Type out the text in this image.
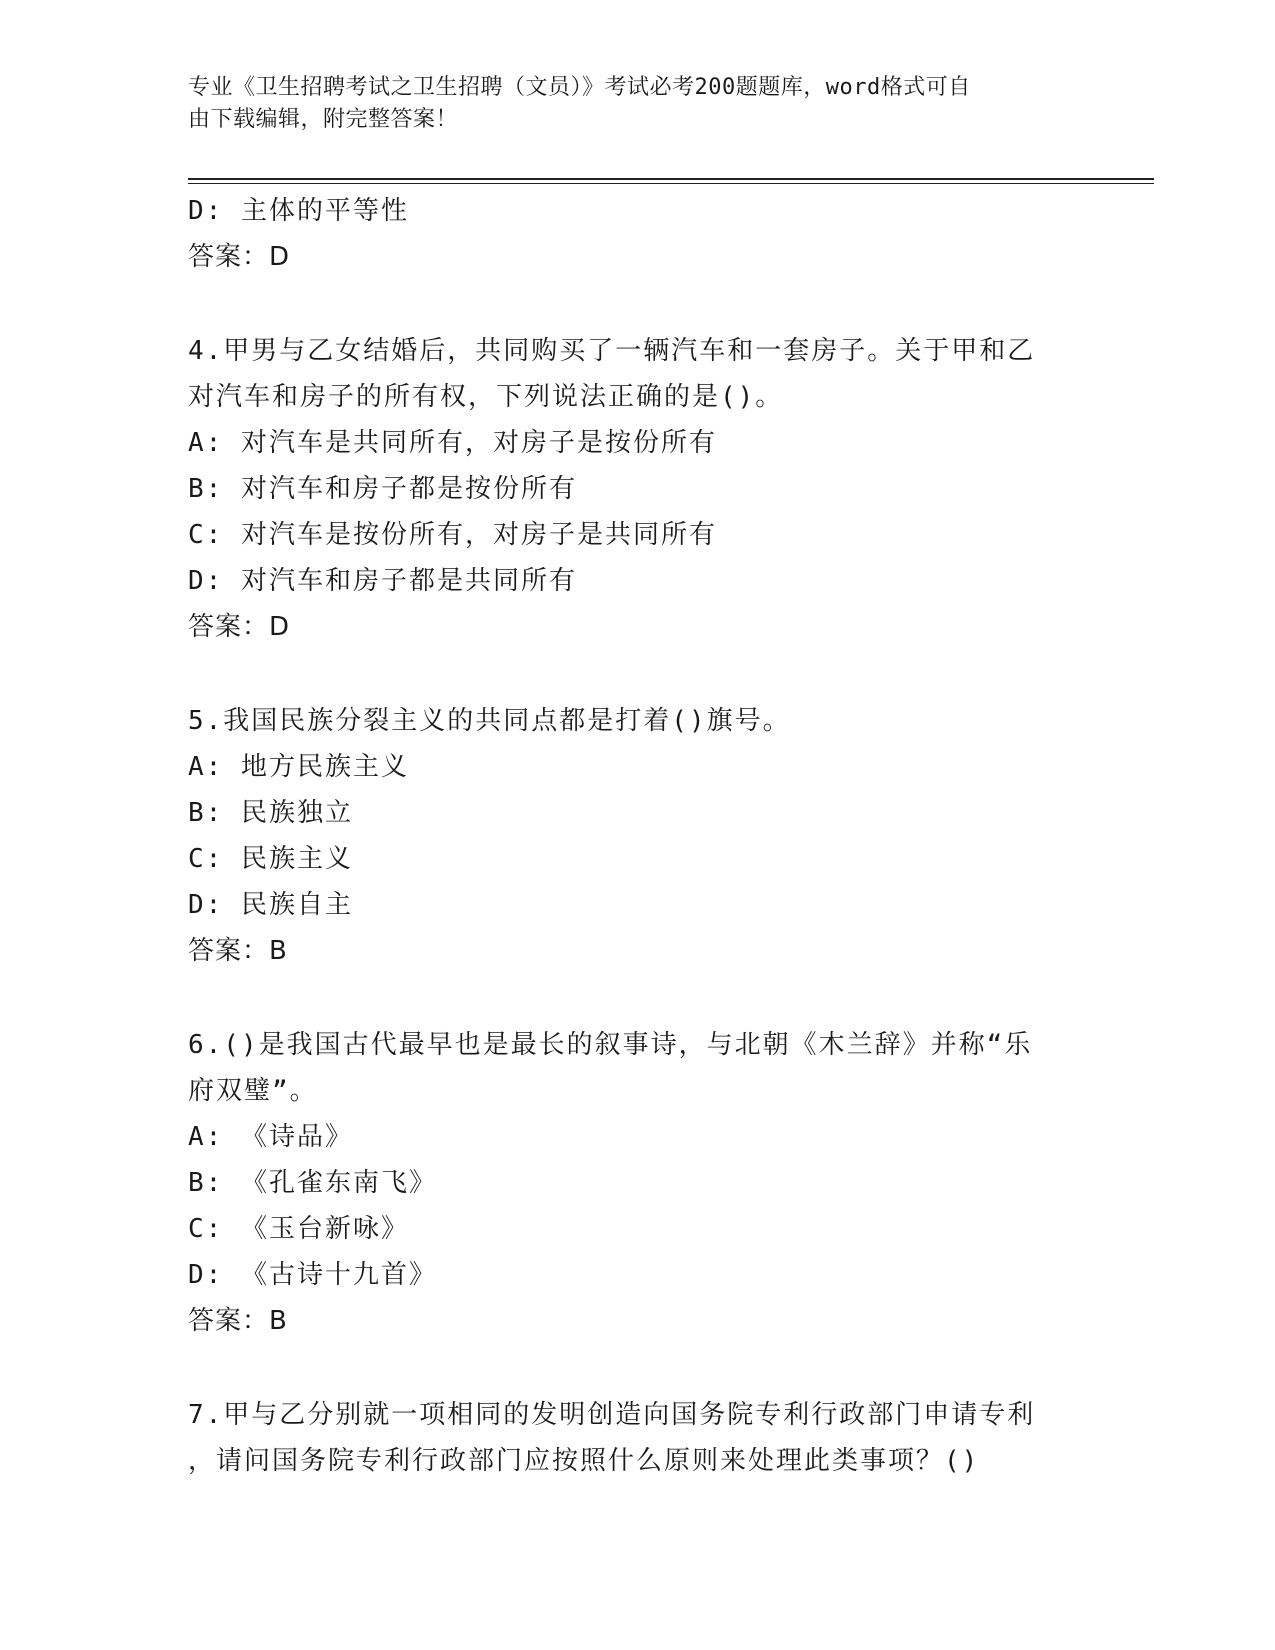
专业《卫生招聘考试之卫生招聘（文员）》考试必考200题题库，word格式可自
由下载编辑，附完整答案！
D: 主体的平等性
答案：D
4.甲男与乙女结婚后，共同购买了一辆汽车和一套房子。关于甲和乙
对汽车和房子的所有权，下列说法正确的是()。
A: 对汽车是共同所有，对房子是按份所有
B: 对汽车和房子都是按份所有
C: 对汽车是按份所有，对房子是共同所有
D: 对汽车和房子都是共同所有
答案：D
5.我国民族分裂主义的共同点都是打着()旗号。
A: 地方民族主义
B: 民族独立
C: 民族主义
D: 民族自主
答案：B
6.()是我国古代最早也是最长的叙事诗，与北朝《木兰辞》并称“乐
府双璧”。
A: 《诗品》
B: 《孔雀东南飞》
C: 《玉台新咏》
D: 《古诗十九首》
答案：B
7.甲与乙分别就一项相同的发明创造向国务院专利行政部门申请专利
，请问国务院专利行政部门应按照什么原则来处理此类事项？()
